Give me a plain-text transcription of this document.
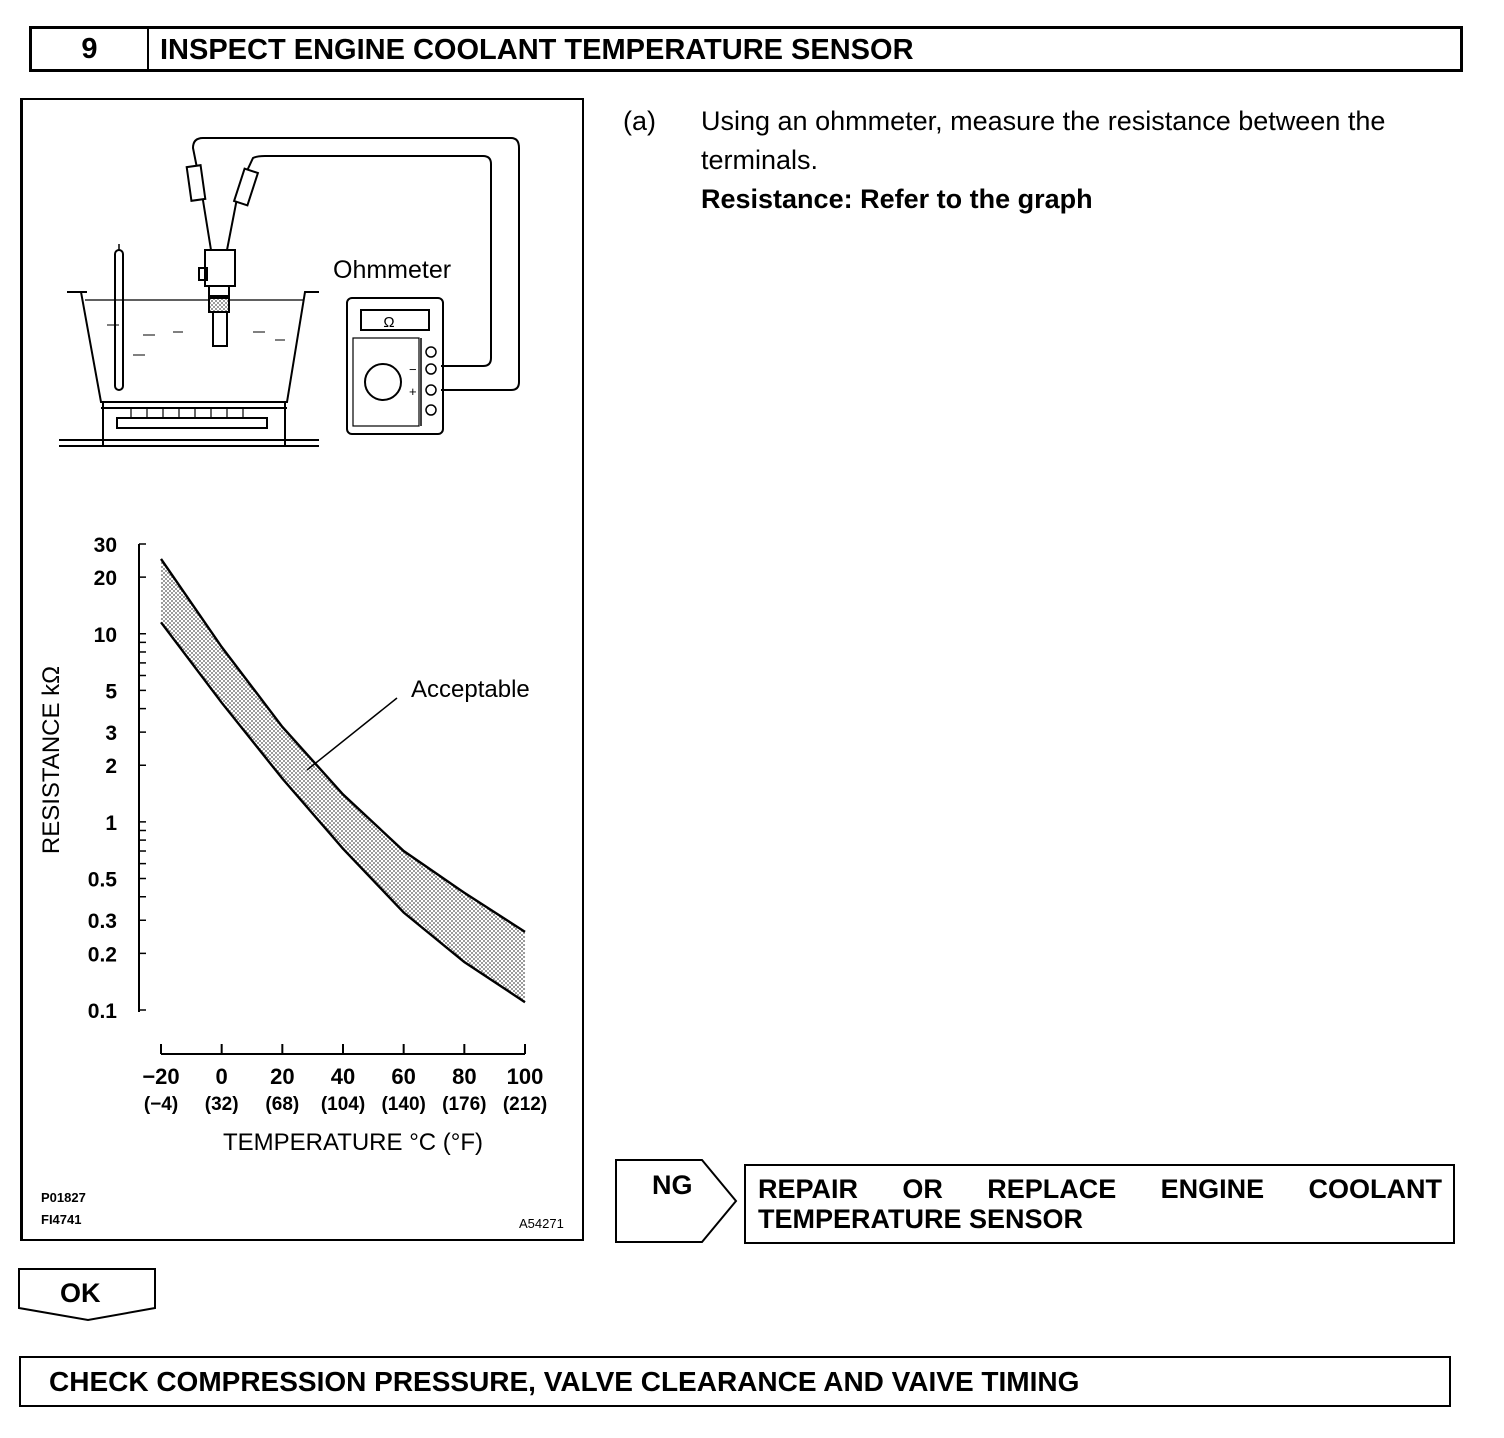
9	INSPECT ENGINE COOLANT TEMPERATURE SENSOR
Ohmmeter
Ω
−
+
30
20
10
5
3
2
1
0.5
0.3
0.2
0.1
−20
(−4)
0
(32)
20
(68)
40
(104)
60
(140)
80
(176)
100
(212)
RESISTANCE kΩ
TEMPERATURE °C (°F)
Acceptable
P01827
FI4741	A54271
(a) Using an ohmmeter, measure the resistance between the terminals.
Resistance: Refer to the graph
NG REPAIR OR REPLACE ENGINE COOLANT TEMPERATURE SENSOR
OK
CHECK COMPRESSION PRESSURE, VALVE CLEARANCE AND VAIVE TIMING
